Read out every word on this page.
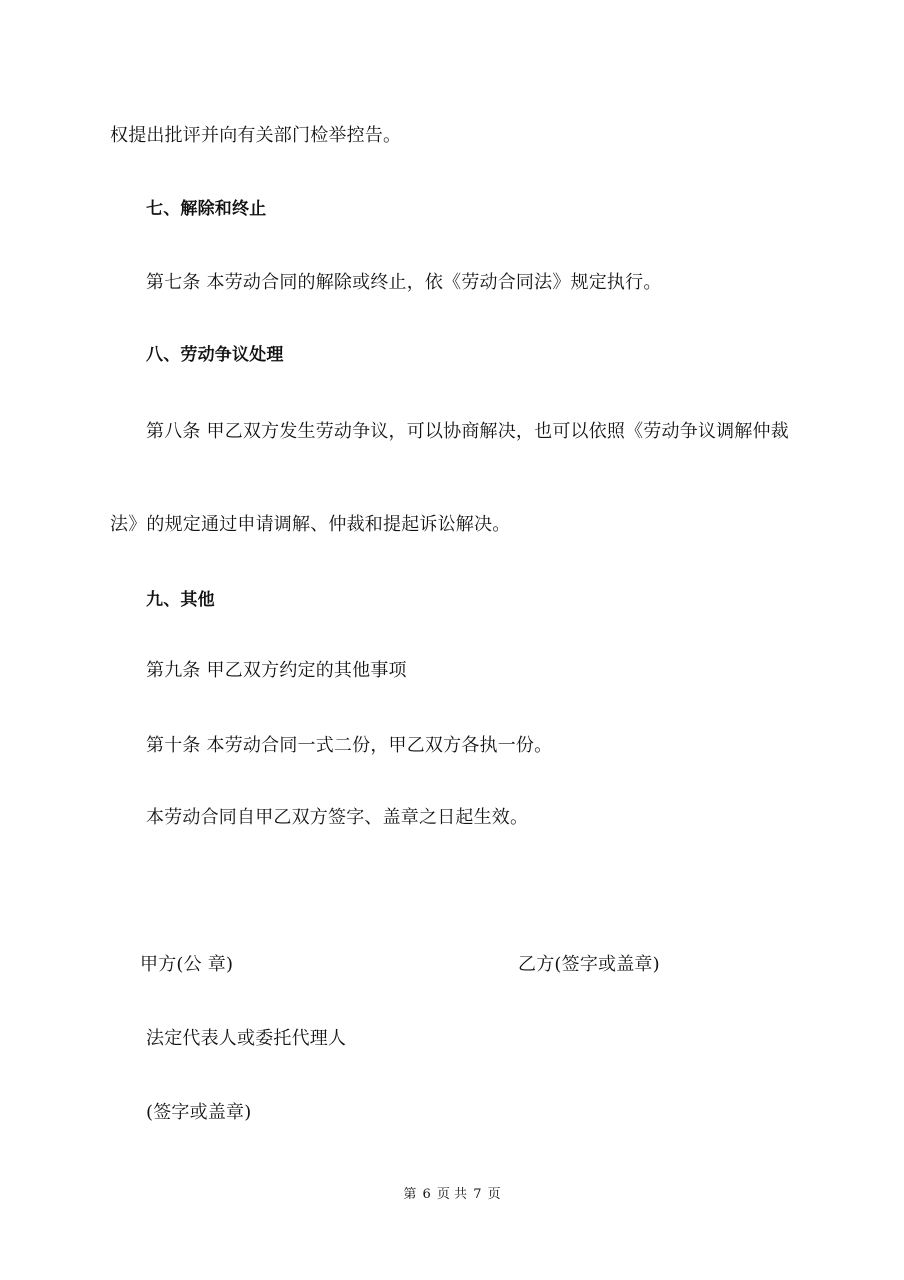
权提出批评并向有关部门检举控告。
七、解除和终止
第七条 本劳动合同的解除或终止，依《劳动合同法》规定执行。
八、劳动争议处理
第八条 甲乙双方发生劳动争议，可以协商解决，也可以依照《劳动争议调解仲裁
法》的规定通过申请调解、仲裁和提起诉讼解决。
九、其他
第九条 甲乙双方约定的其他事项
第十条 本劳动合同一式二份，甲乙双方各执一份。
本劳动合同自甲乙双方签字、盖章之日起生效。
甲方(公 章)	乙方(签字或盖章)
法定代表人或委托代理人
(签字或盖章)
第 6 页 共 7 页
